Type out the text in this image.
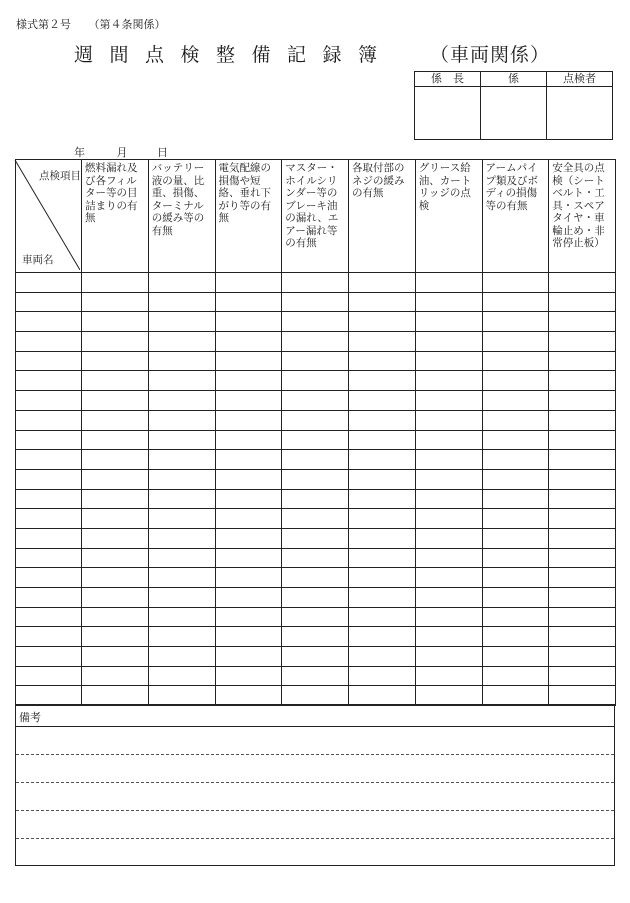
様式第２号 （第４条関係）
週間点検整備記録簿 （車両関係）
係　長	係	点検者

年	月	日
点検項目
車両名	燃料漏れ及び各フィルター等の目詰まりの有無	バッテリー液の量、比重、損傷、ターミナルの緩み等の有無	電気配線の損傷や短絡、垂れ下がり等の有無	マスター・ホイルシリンダー等のブレーキ油の漏れ、エアー漏れ等の有無	各取付部のネジの緩みの有無	グリース給油、カートリッジの点検	アームパイプ類及びボディの損傷等の有無	安全具の点検（シートベルト・工具・スペアタイヤ・車輪止め・非常停止板）

備考
